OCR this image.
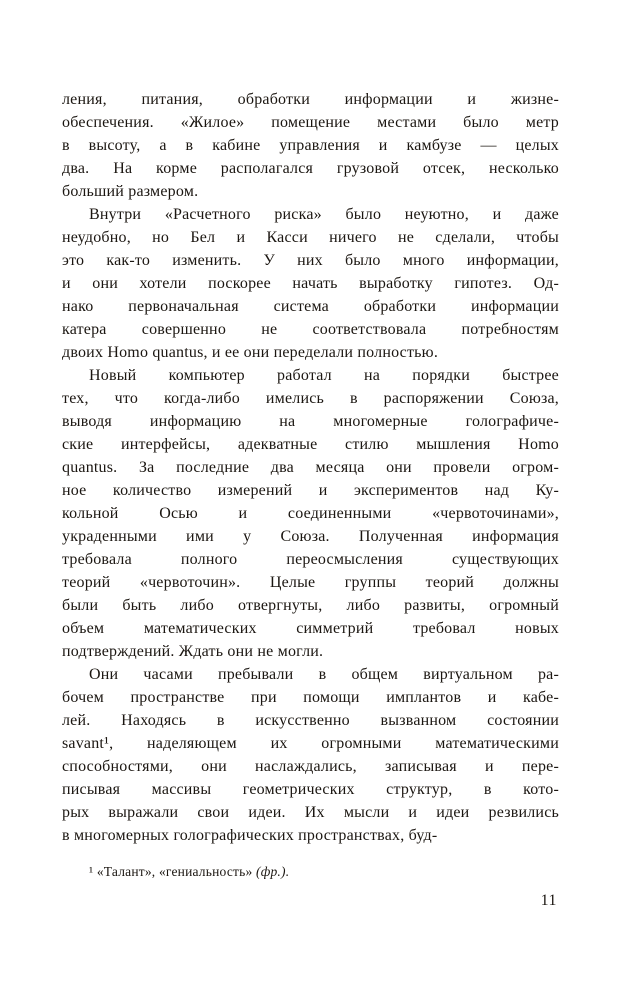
ления, питания, обработки информации и жизне-
обеспечения. «Жилое» помещение местами было метр
в высоту, а в кабине управления и камбузе — целых
два. На корме располагался грузовой отсек, несколько
больший размером.
Внутри «Расчетного риска» было неуютно, и даже
неудобно, но Бел и Касси ничего не сделали, чтобы
это как-то изменить. У них было много информации,
и они хотели поскорее начать выработку гипотез. Од-
нако первоначальная система обработки информации
катера совершенно не соответствовала потребностям
двоих Homo quantus, и ее они переделали полностью.
Новый компьютер работал на порядки быстрее
тех, что когда-либо имелись в распоряжении Союза,
выводя информацию на многомерные голографиче-
ские интерфейсы, адекватные стилю мышления Homo
quantus. За последние два месяца они провели огром-
ное количество измерений и экспериментов над Ку-
кольной Осью и соединенными «червоточинами»,
украденными ими у Союза. Полученная информация
требовала полного переосмысления существующих
теорий «червоточин». Целые группы теорий должны
были быть либо отвергнуты, либо развиты, огромный
объем математических симметрий требовал новых
подтверждений. Ждать они не могли.
Они часами пребывали в общем виртуальном ра-
бочем пространстве при помощи имплантов и кабе-
лей. Находясь в искусственно вызванном состоянии
savant¹, наделяющем их огромными математическими
способностями, они наслаждались, записывая и пере-
писывая массивы геометрических структур, в кото-
рых выражали свои идеи. Их мысли и идеи резвились
в многомерных голографических пространствах, буд-
¹ «Талант», «гениальность» (фр.).
11
